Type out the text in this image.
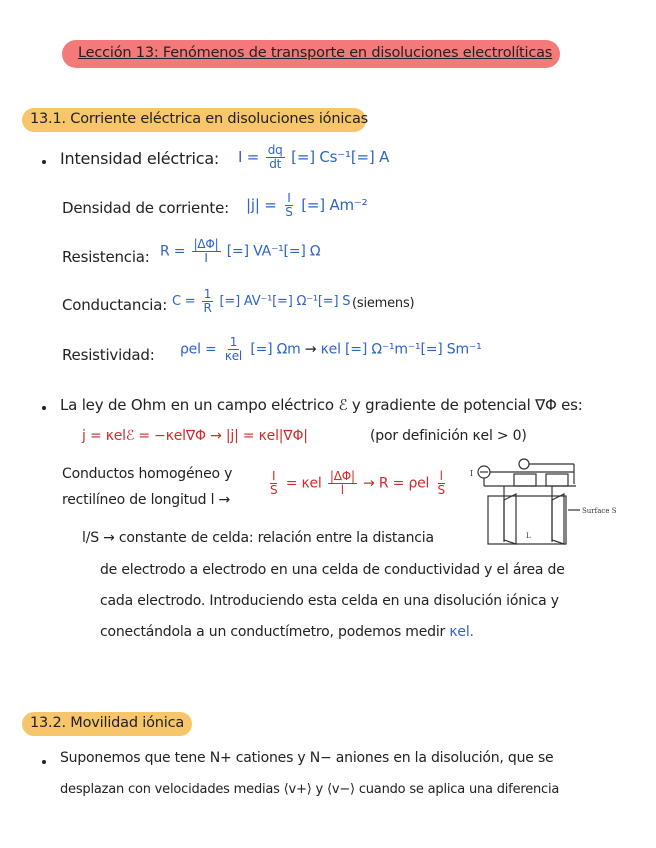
Lección 13: Fenómenos de transporte en disoluciones electrolíticas
13.1. Corriente eléctrica en disoluciones iónicas
Intensidad eléctrica: $I = \frac{dq}{dt}$ [=] Cs⁻¹[=] A
Densidad de corriente: $|j| = \frac{I}{S}$ [=] Am⁻²
Resistencia: $R = \frac{|\Delta\Phi|}{I}$ [=] VA⁻¹[=] Ω
Conductancia: $C = \frac{1}{R}$ [=] AV⁻¹[=] Ω⁻¹[=] S (siemens)
Resistividad: $\rho el = \frac{1}{\text{κel}}$ [=] Ωm → κel [=] Ω⁻¹m⁻¹[=] Sm⁻¹
La ley de Ohm en un campo eléctrico ℰ y gradiente de potencial ∇Φ es:
j = κelℰ = −κel∇Φ → |j| = κel|∇Φ|	(por definición κel > 0)
Conductos homogéneo y
rectilíneo de longitud l →
$\frac{I}{S} = \kappa el \frac{|\Delta\Phi|}{l} \to R = \rho el \frac{l}{S}$	I
Surface S
L
l/S → constante de celda: relación entre la distancia
de electrodo a electrodo en una celda de conductividad y el área de
cada electrodo. Introduciendo esta celda en una disolución iónica y
conectándola a un conductímetro, podemos medir κel.
13.2. Movilidad iónica
Suponemos que tene N+ cationes y N− aniones en la disolución, que se
desplazan con velocidades medias ⟨v+⟩ y ⟨v−⟩ cuando se aplica una diferencia
